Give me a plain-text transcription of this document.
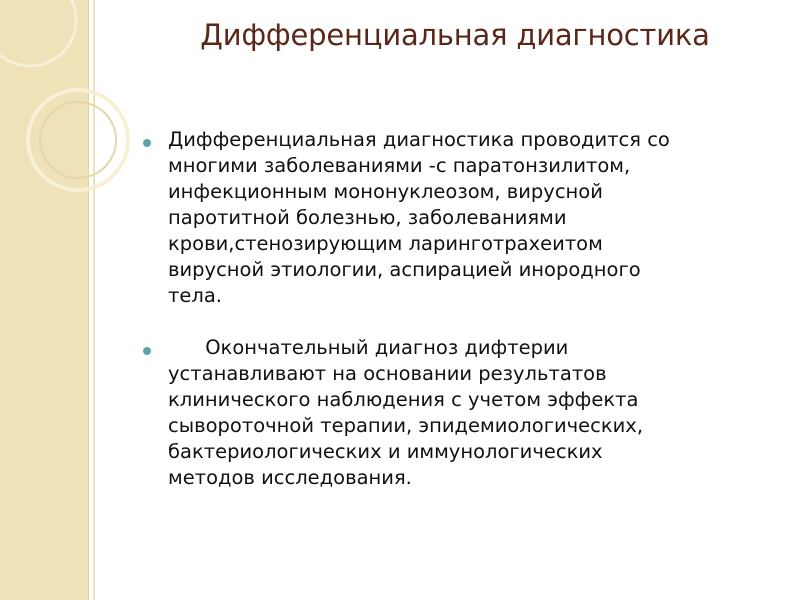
Дифференциальная диагностика

Дифференциальная диагностика проводится со
многими заболеваниями -с паратонзилитом,
инфекционным мононуклеозом, вирусной
паротитной болезнью, заболеваниями
крови,стенозирующим ларинготрахеитом
вирусной этиологии, аспирацией инородного
тела.

Окончательный диагноз дифтерии
устанавливают на основании результатов
клинического наблюдения с учетом эффекта
сывороточной терапии, эпидемиологических,
бактериологических и иммунологических
методов исследования.
